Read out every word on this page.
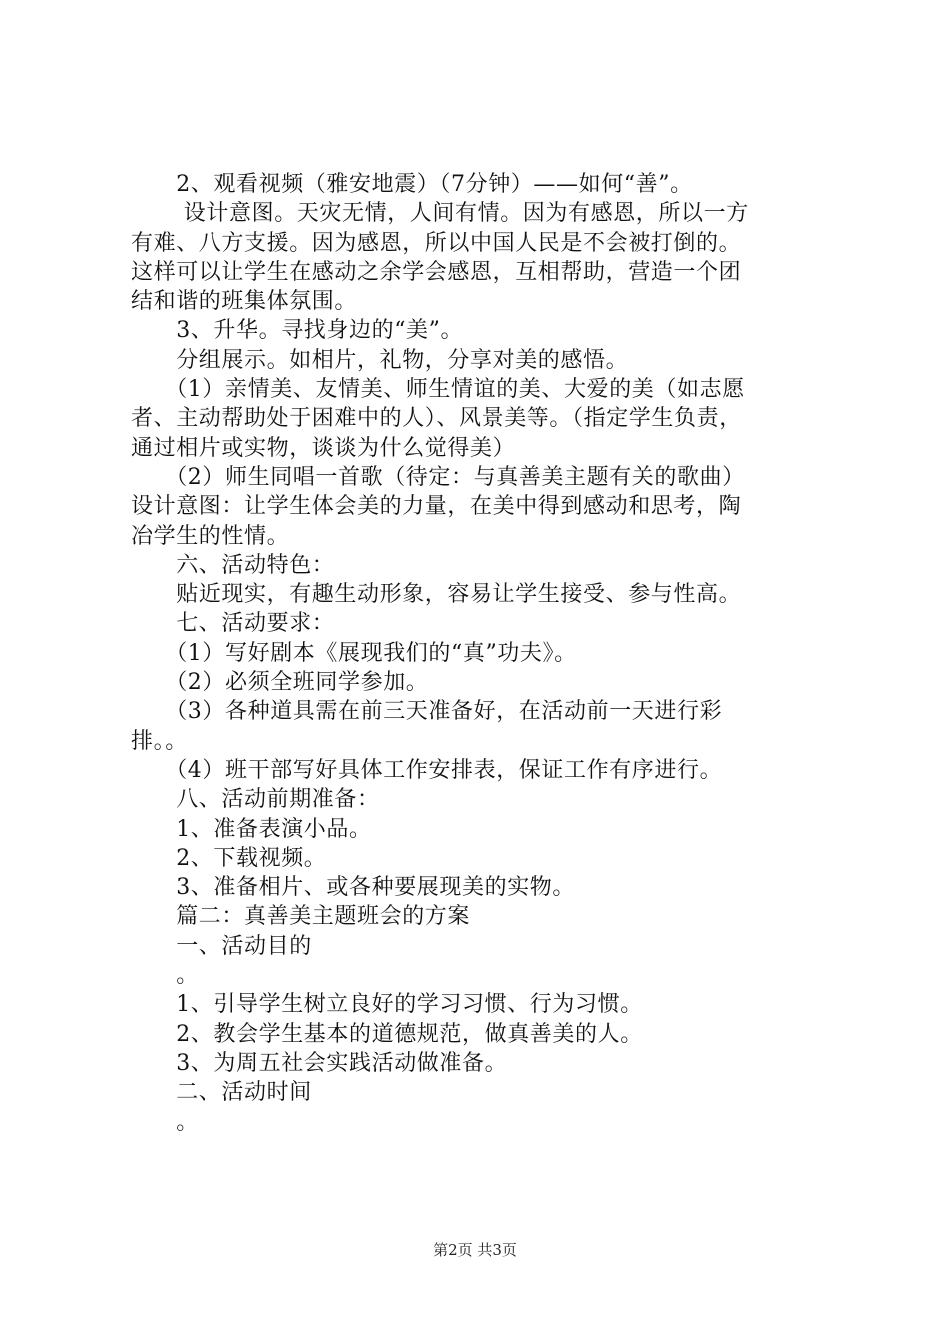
　　2、观看视频（雅安地震）（7分钟）——如何“善”。
　　 设计意图。天灾无情，人间有情。因为有感恩，所以一方
有难、八方支援。因为感恩，所以中国人民是不会被打倒的。
这样可以让学生在感动之余学会感恩，互相帮助，营造一个团
结和谐的班集体氛围。
　　3、升华。寻找身边的“美”。
　　分组展示。如相片，礼物，分享对美的感悟。
　　（1）亲情美、友情美、师生情谊的美、大爱的美（如志愿
者、主动帮助处于困难中的人）、风景美等。（指定学生负责，
通过相片或实物，谈谈为什么觉得美）
　　（2）师生同唱一首歌（待定：与真善美主题有关的歌曲）
设计意图：让学生体会美的力量，在美中得到感动和思考，陶
冶学生的性情。
　　六、活动特色：
　　贴近现实，有趣生动形象，容易让学生接受、参与性高。
　　七、活动要求：
　　（1）写好剧本《展现我们的“真”功夫》。
　　（2）必须全班同学参加。
　　（3）各种道具需在前三天准备好，在活动前一天进行彩
排。。
　　（4）班干部写好具体工作安排表，保证工作有序进行。
　　八、活动前期准备：
　　1、准备表演小品。
　　2、下载视频。
　　3、准备相片、或各种要展现美的实物。
　　篇二：真善美主题班会的方案
　　一、活动目的
　　。
　　1、引导学生树立良好的学习习惯、行为习惯。
　　2、教会学生基本的道德规范，做真善美的人。
　　3、为周五社会实践活动做准备。
　　二、活动时间
　　。
第2页 共3页
